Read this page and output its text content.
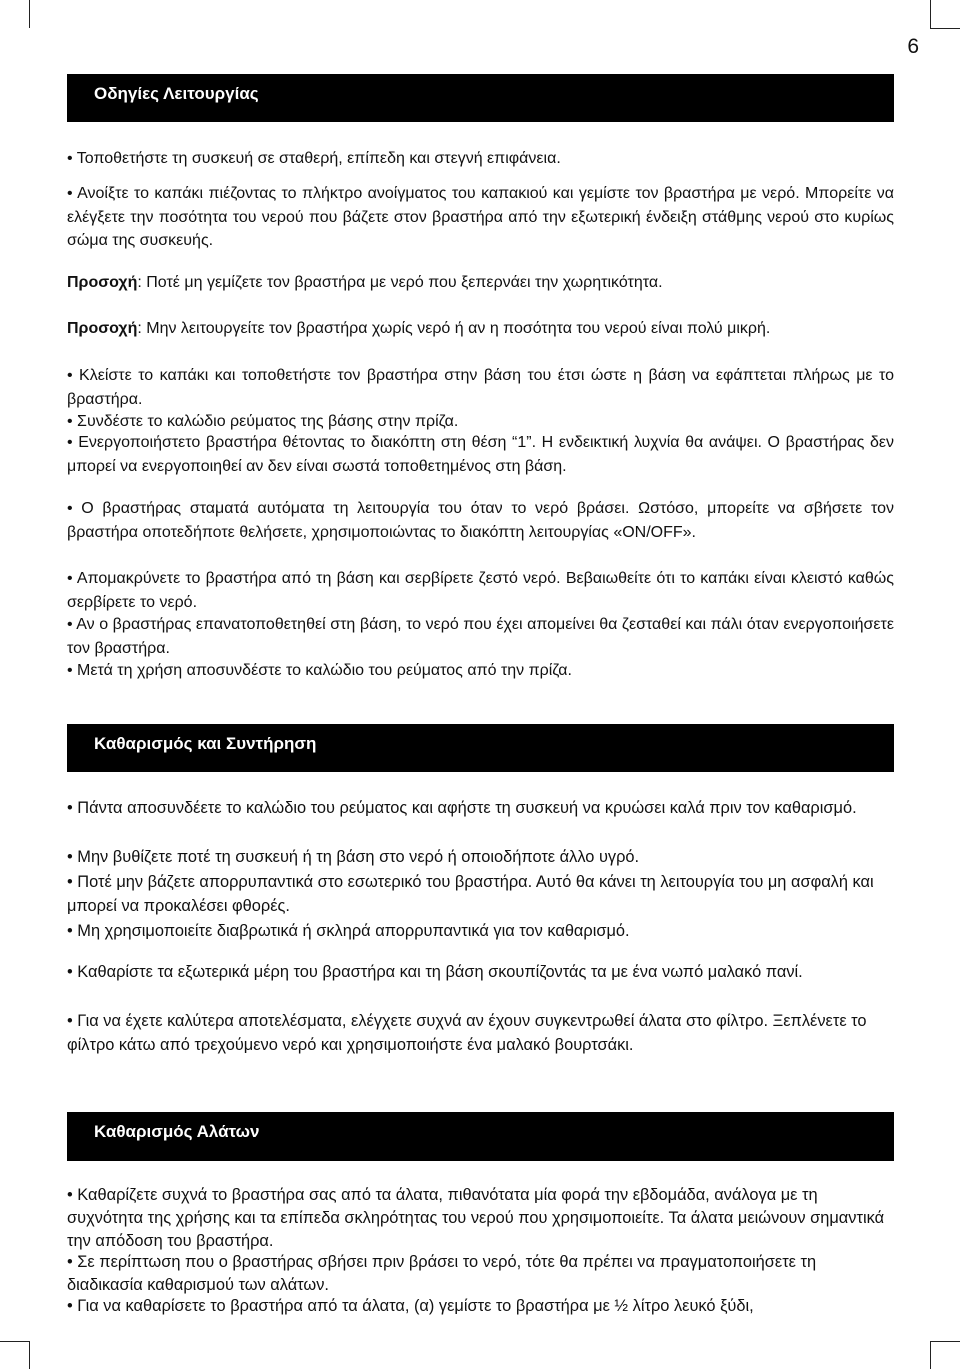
6
Οδηγίες Λειτουργίας

• Τοποθετήστε τη συσκευή σε σταθερή, επίπεδη και στεγνή επιφάνεια.

• Ανοίξτε το καπάκι πιέζοντας το πλήκτρο ανοίγματος του καπακιού και γεμίστε τον βραστήρα με νερό. Μπορείτε να ελέγξετε την ποσότητα του νερού που βάζετε στον βραστήρα από την εξωτερική ένδειξη στάθμης νερού στο κυρίως σώμα της συσκευής.

Προσοχή: Ποτέ μη γεμίζετε τον βραστήρα με νερό που ξεπερνάει την χωρητικότητα.

Προσοχή: Μην λειτουργείτε τον βραστήρα χωρίς νερό ή αν η ποσότητα του νερού είναι πολύ μικρή.

• Κλείστε το καπάκι και τοποθετήστε τον βραστήρα στην βάση του έτσι ώστε η βάση να εφάπτεται πλήρως με το βραστήρα.

• Συνδέστε το καλώδιο ρεύματος της βάσης στην πρίζα.

• Ενεργοποιήστετο βραστήρα θέτοντας το διακόπτη στη θέση “1”. Η ενδεικτική λυχνία θα ανάψει. Ο βραστήρας δεν μπορεί να ενεργοποιηθεί αν δεν είναι σωστά τοποθετημένος στη βάση.

• Ο βραστήρας σταματά αυτόματα τη λειτουργία του όταν το νερό βράσει. Ωστόσο, μπορείτε να σβήσετε τον βραστήρα οποτεδήποτε θελήσετε, χρησιμοποιώντας το διακόπτη λειτουργίας «ON/OFF».

• Απομακρύνετε το βραστήρα από τη βάση και σερβίρετε ζεστό νερό. Βεβαιωθείτε ότι το καπάκι είναι κλειστό καθώς σερβίρετε το νερό.

• Αν ο βραστήρας επανατοποθετηθεί στη βάση, το νερό που έχει απομείνει θα ζεσταθεί και πάλι όταν ενεργοποιήσετε τον βραστήρα.

• Μετά τη χρήση αποσυνδέστε το καλώδιο του ρεύματος από την πρίζα.

Καθαρισμός και Συντήρηση

• Πάντα αποσυνδέετε το καλώδιο του ρεύματος και αφήστε τη συσκευή να κρυώσει καλά πριν τον καθαρισμό.

• Μην βυθίζετε ποτέ τη συσκευή ή τη βάση στο νερό ή οποιοδήποτε άλλο υγρό.

• Ποτέ μην βάζετε απορρυπαντικά στο εσωτερικό του βραστήρα. Αυτό θα κάνει τη λειτουργία του μη ασφαλή και μπορεί να προκαλέσει φθορές.

• Μη χρησιμοποιείτε διαβρωτικά ή σκληρά απορρυπαντικά για τον καθαρισμό.

• Καθαρίστε τα εξωτερικά μέρη του βραστήρα και τη βάση σκουπίζοντάς τα με ένα νωπό μαλακό πανί.

• Για να έχετε καλύτερα αποτελέσματα, ελέγχετε συχνά αν έχουν συγκεντρωθεί άλατα στο φίλτρο. Ξεπλένετε το φίλτρο κάτω από τρεχούμενο νερό και χρησιμοποιήστε ένα μαλακό βουρτσάκι.

Καθαρισμός Αλάτων

• Καθαρίζετε συχνά το βραστήρα σας από τα άλατα, πιθανότατα μία φορά την εβδομάδα, ανάλογα με τη συχνότητα της χρήσης και τα επίπεδα σκληρότητας του νερού που χρησιμοποιείτε. Τα άλατα μειώνουν σημαντικά την απόδοση του βραστήρα.

• Σε περίπτωση που ο βραστήρας σβήσει πριν βράσει το νερό, τότε θα πρέπει να πραγματοποιήσετε τη διαδικασία καθαρισμού των αλάτων.

• Για να καθαρίσετε το βραστήρα από τα άλατα, (α) γεμίστε το βραστήρα με ½ λίτρο λευκό ξύδι,
